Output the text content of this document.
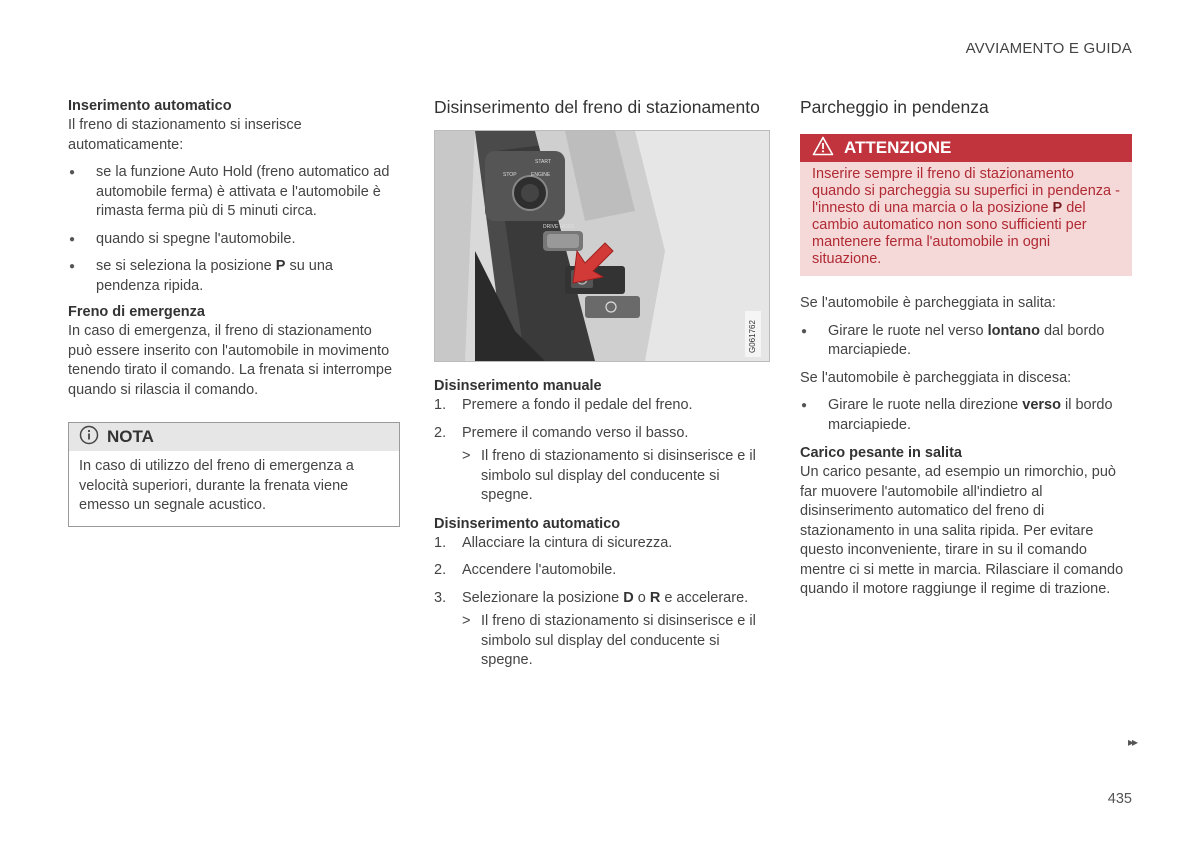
AVVIAMENTO E GUIDA

Inserimento automatico

Il freno di stazionamento si inserisce automaticamente:

● se la funzione Auto Hold (freno automatico ad automobile ferma) è attivata e l'automobile è rimasta ferma più di 5 minuti circa.
● quando si spegne l'automobile.
● se si seleziona la posizione P su una pendenza ripida.

Freno di emergenza

In caso di emergenza, il freno di stazionamento può essere inserito con l'automobile in movimento tenendo tirato il comando. La frenata si interrompe quando si rilascia il comando.

NOTA
In caso di utilizzo del freno di emergenza a velocità superiori, durante la frenata viene emesso un segnale acustico.

Disinserimento del freno di stazionamento

START
STOP	ENGINE
DRIVE MODE
G061762

Disinserimento manuale

1. Premere a fondo il pedale del freno.
2. Premere il comando verso il basso.
> Il freno di stazionamento si disinserisce e il simbolo sul display del conducente si spegne.

Disinserimento automatico

1. Allacciare la cintura di sicurezza.
2. Accendere l'automobile.
3. Selezionare la posizione D o R e accelerare.
> Il freno di stazionamento si disinserisce e il simbolo sul display del conducente si spegne.

Parcheggio in pendenza

ATTENZIONE
Inserire sempre il freno di stazionamento quando si parcheggia su superfici in pendenza - l'innesto di una marcia o la posizione P del cambio automatico non sono sufficienti per mantenere ferma l'automobile in ogni situazione.

Se l'automobile è parcheggiata in salita:

● Girare le ruote nel verso lontano dal bordo marciapiede.

Se l'automobile è parcheggiata in discesa:

● Girare le ruote nella direzione verso il bordo marciapiede.

Carico pesante in salita

Un carico pesante, ad esempio un rimorchio, può far muovere l'automobile all'indietro al disinserimento automatico del freno di stazionamento in una salita ripida. Per evitare questo inconveniente, tirare in su il comando mentre ci si mette in marcia. Rilasciare il comando quando il motore raggiunge il regime di trazione.

▸▸
435
